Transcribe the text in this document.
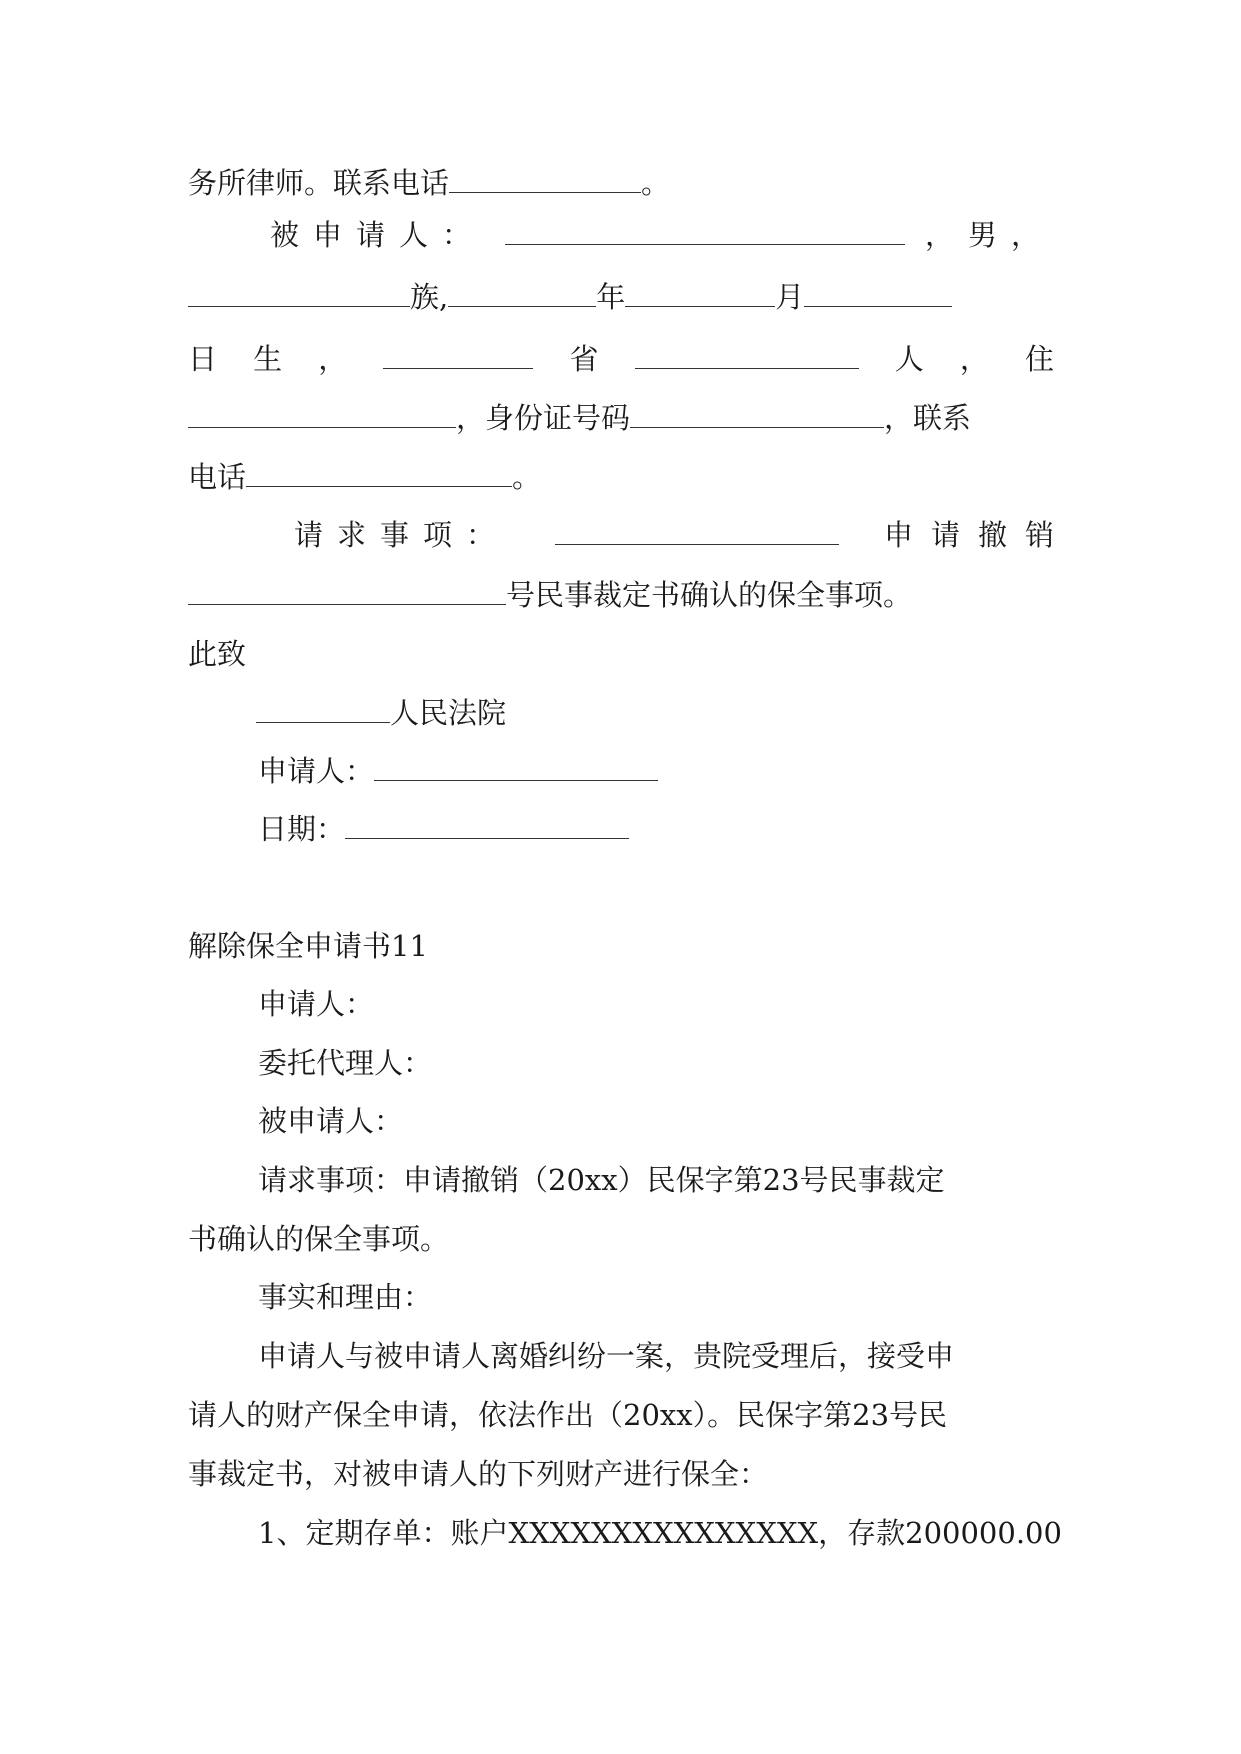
务所律师。联系电话	。
被申请人：	，男，
族,	年	月
日 生 ，	省	人 ， 住
，身份证号码	，联系
电话	。
请求事项：	申请撤销
号民事裁定书确认的保全事项。
此致
人民法院
申请人：
日期：
解除保全申请书11
申请人：
委托代理人：
被申请人：
请求事项：申请撤销（20xx）民保字第23号民事裁定
书确认的保全事项。
事实和理由：
申请人与被申请人离婚纠纷一案，贵院受理后，接受申
请人的财产保全申请，依法作出（20xx）。民保字第23号民
事裁定书，对被申请人的下列财产进行保全：
1、定期存单：账户XXXXXXXXXXXXXXX，存款200000.00
